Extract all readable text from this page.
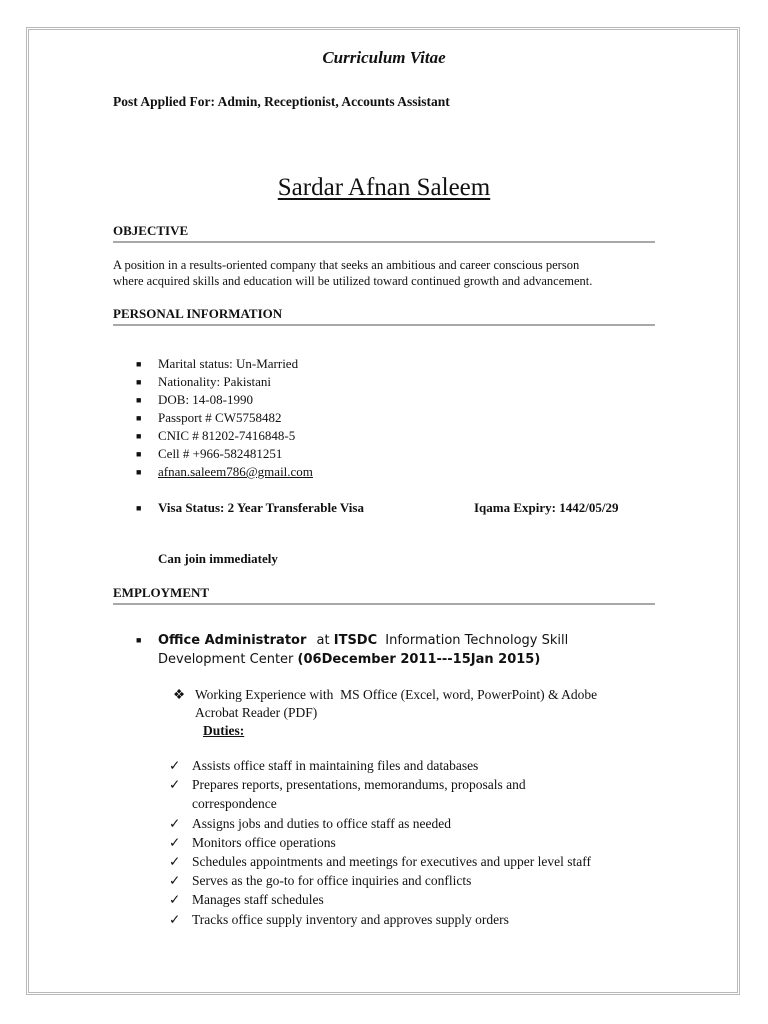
Curriculum Vitae
Post Applied For: Admin, Receptionist, Accounts Assistant
Sardar Afnan Saleem
OBJECTIVE
A position in a results-oriented company that seeks an ambitious and career conscious person
where acquired skills and education will be utilized toward continued growth and advancement.
PERSONAL INFORMATION
■	Marital status: Un-Married
■	Nationality: Pakistani
■	DOB: 14-08-1990
■	Passport # CW5758482
■	CNIC # 81202-7416848-5
■	Cell # +966-582481251
■	afnan.saleem786@gmail.com
■	Visa Status: 2 Year Transferable Visa	Iqama Expiry: 1442/05/29
Can join immediately
EMPLOYMENT
■	Office Administrator at ITSDC Information Technology Skill Development Center (06December 2011---15Jan 2015)
❖ Working Experience with  MS Office (Excel, word, PowerPoint) & Adobe
Acrobat Reader (PDF)
Duties:
✓ Assists office staff in maintaining files and databases
✓ Prepares reports, presentations, memorandums, proposals and correspondence
✓ Assigns jobs and duties to office staff as needed
✓ Monitors office operations
✓ Schedules appointments and meetings for executives and upper level staff
✓ Serves as the go-to for office inquiries and conflicts
✓ Manages staff schedules
✓ Tracks office supply inventory and approves supply orders
